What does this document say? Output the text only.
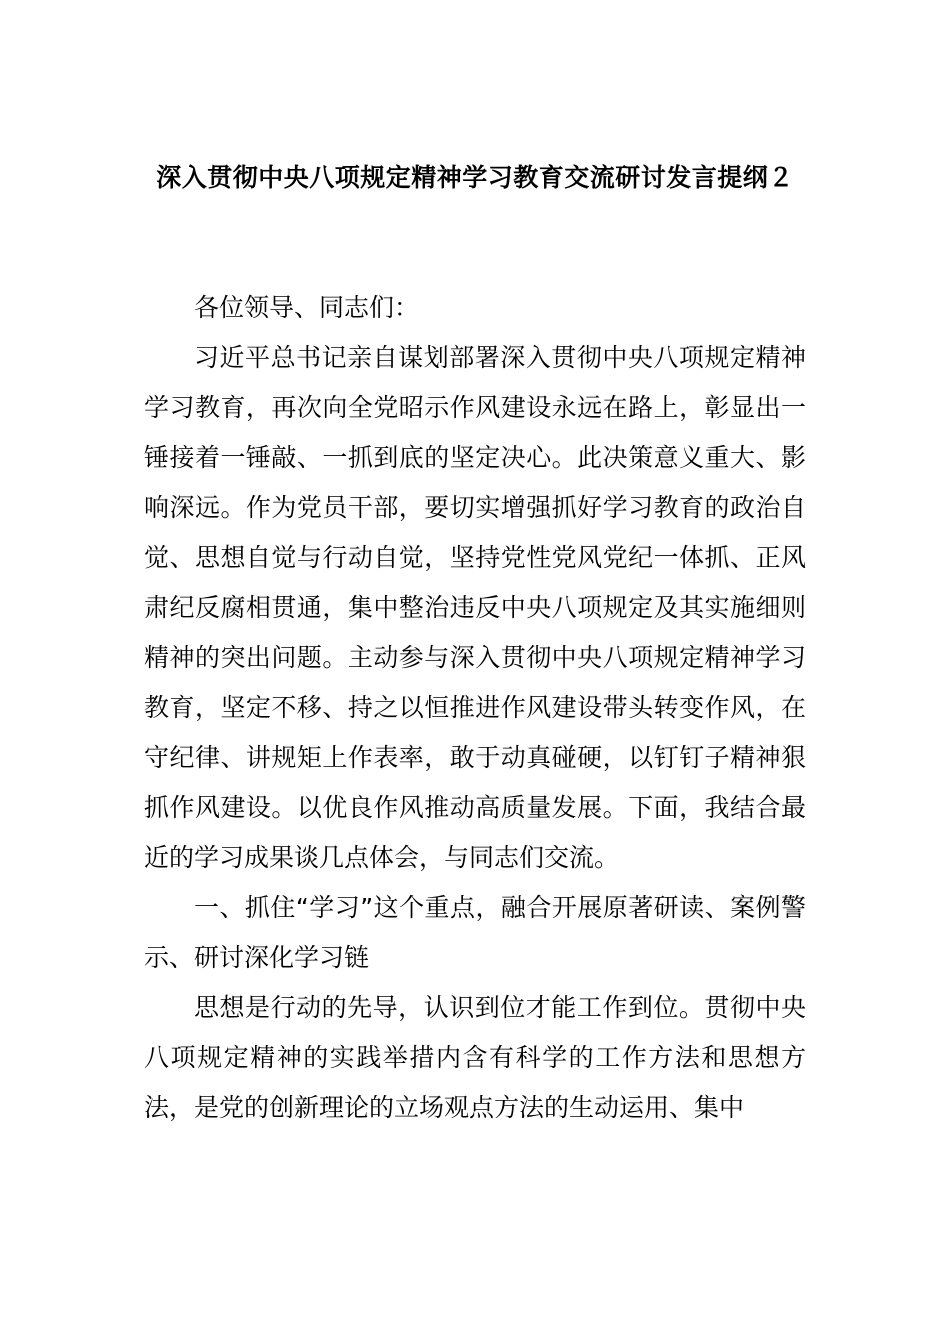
深入贯彻中央八项规定精神学习教育交流研讨发言提纲２

各位领导、同志们：

习近平总书记亲自谋划部署深入贯彻中央八项规定精神学习教育，再次向全党昭示作风建设永远在路上，彰显出一锤接着一锤敲、一抓到底的坚定决心。此决策意义重大、影响深远。作为党员干部，要切实增强抓好学习教育的政治自觉、思想自觉与行动自觉，坚持党性党风党纪一体抓、正风肃纪反腐相贯通，集中整治违反中央八项规定及其实施细则精神的突出问题。主动参与深入贯彻中央八项规定精神学习教育，坚定不移、持之以恒推进作风建设带头转变作风，在守纪律、讲规矩上作表率，敢于动真碰硬，以钉钉子精神狠抓作风建设。以优良作风推动高质量发展。下面，我结合最近的学习成果谈几点体会，与同志们交流。

一、抓住“学习”这个重点，融合开展原著研读、案例警示、研讨深化学习链

思想是行动的先导，认识到位才能工作到位。贯彻中央八项规定精神的实践举措内含有科学的工作方法和思想方法，是党的创新理论的立场观点方法的生动运用、集中
